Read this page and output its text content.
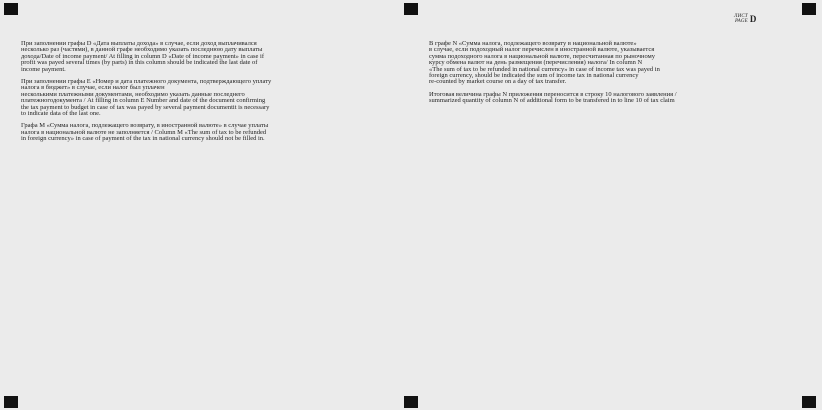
ЛИСТ
PAGE D

При заполнении графы D «Дата выплаты дохода» в случае, если доход выплачивался
несколько раз (частями), в данной графе необходимо указать последнюю дату выплаты
дохода/Date of income payment/ At filling in column D «Date of income payment» in case if
profit was payed several times (by parts) in this column should be indicated the last date of
income payment.

При заполнении графы E «Номер и дата платежного документа, подтверждающего уплату
налога в бюджет» в случае, если налог был уплачен
несколькими платежными документами, необходимо указать данные последнего
платежногодокумента / At filling in column E Number and date of the document confirming
the tax payment to budget in case of tax was payed by several payment documentit is necessary
to indicate data of the last one.

Графа M «Сумма налога, подлежащего возврату, в иностранной валюте» в случае уплаты
налога в национальной валюте не заполняется / Column M «The sum of tax to be refunded
in foreign currency» in case of payment of the tax in national currency should not be filled in.

В графе N «Сумма налога, подлежащего возврату в национальной валюте»
в случае, если подоходный налог перечислен в иностранной валюте, указывается
сумма подоходного налога в национальной валюте, пересчитанная по рыночному
курсу обмена валют на день размещения (перечисления) налога/ In column N
«The sum of tax to be refunded in national currency» in case of income tax was payed in
foreign currency, should be indicated the sum of income tax in national currency
re-counted by market course on a day of tax transfer.

Итоговая величина графы N приложения переносится в строку 10 налогового заявления /
summarized quantity of column N of additional form to be transfered in to line 10 of tax claim
